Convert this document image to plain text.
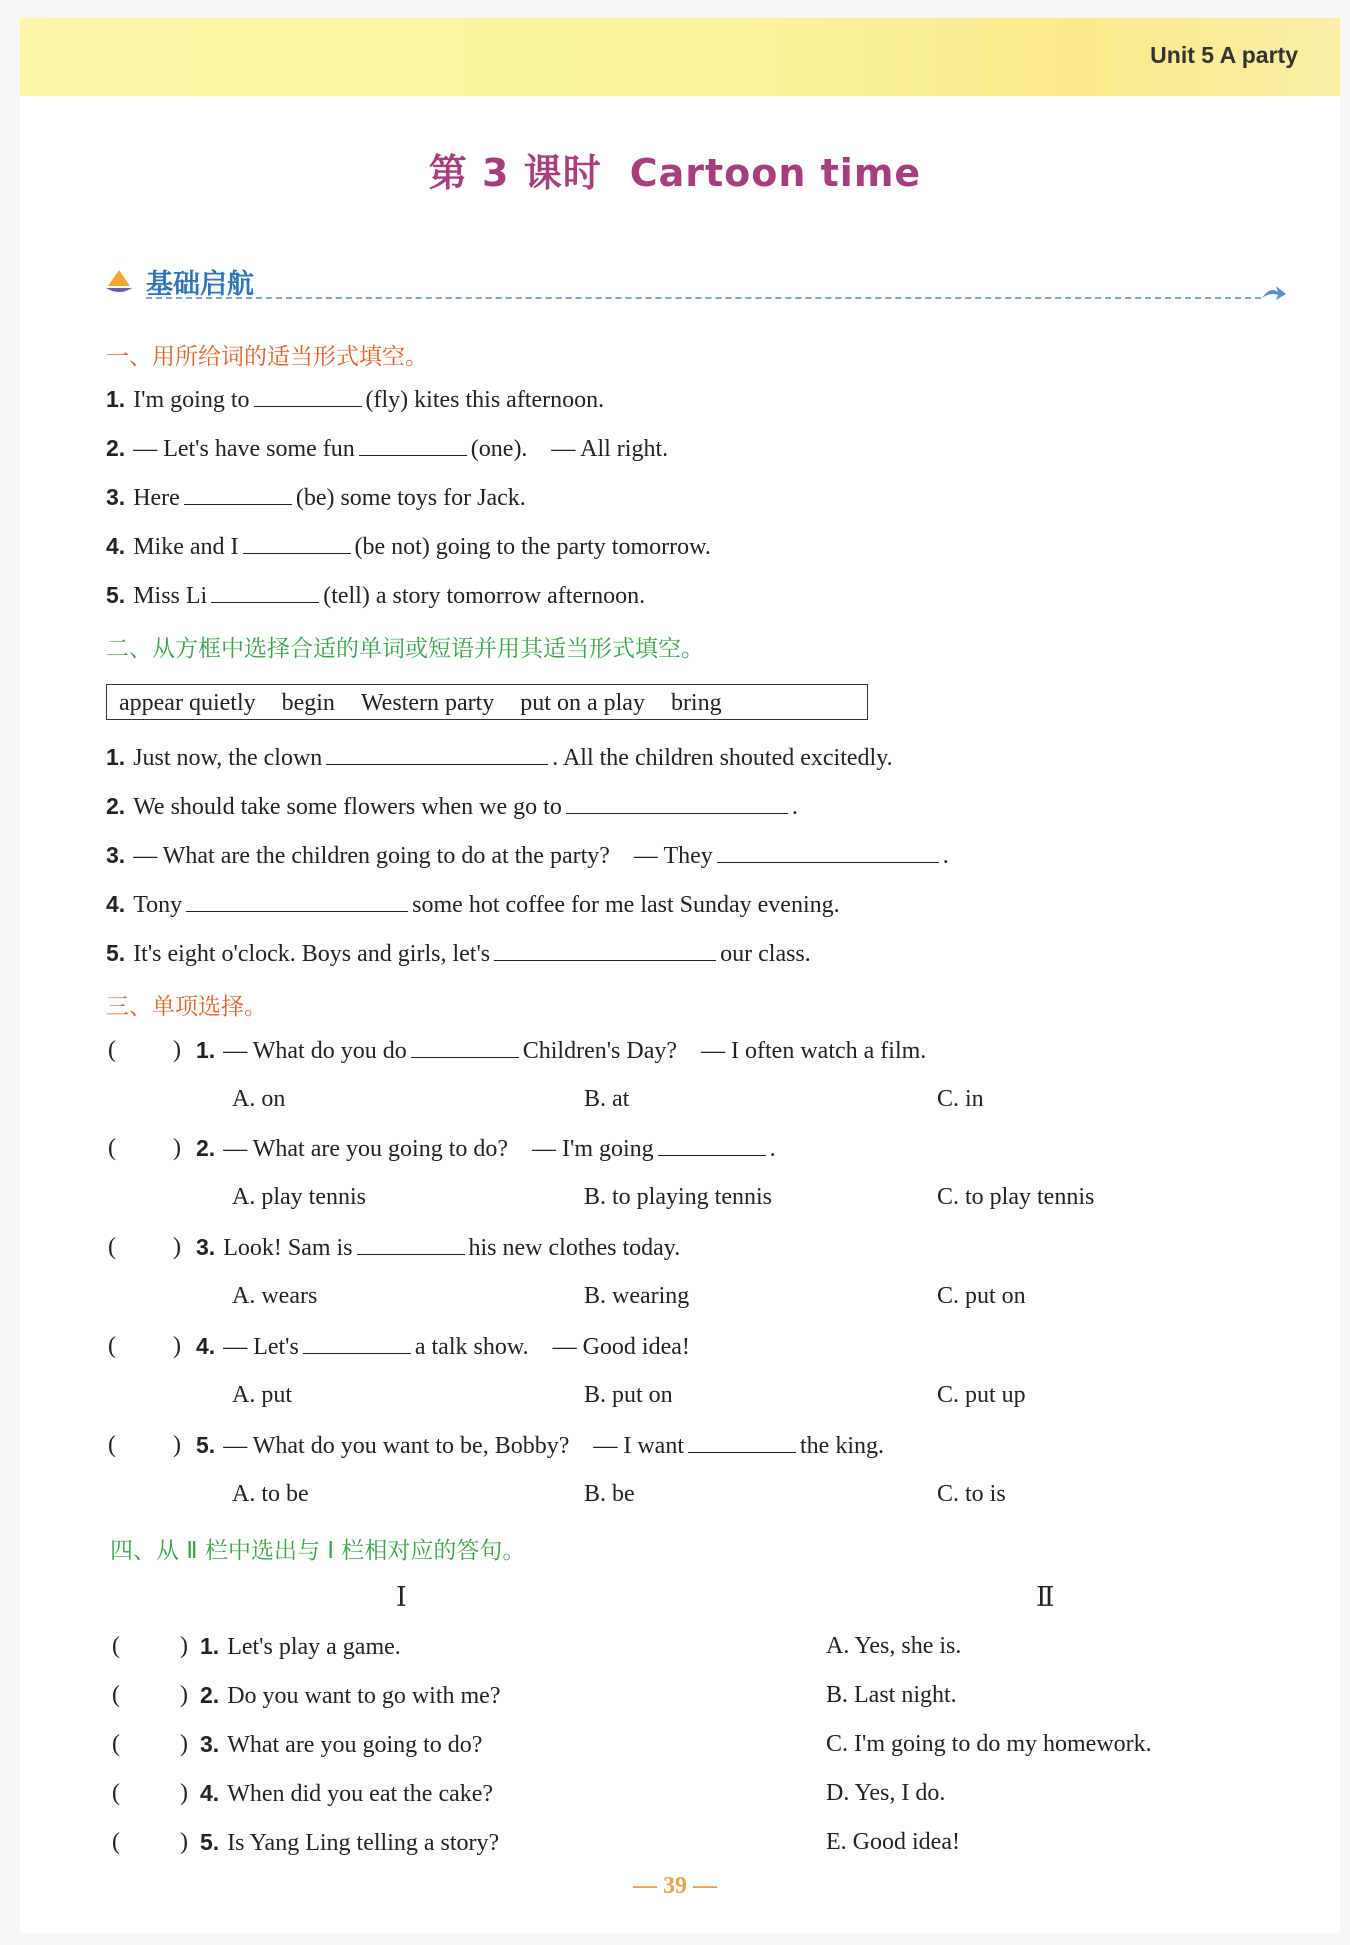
Unit 5 A party
第 3 课时 Cartoon time
基础启航
一、用所给词的适当形式填空。
1. I'm going to	(fly) kites this afternoon.
2. — Let's have some fun	(one).    — All right.
3. Here	(be) some toys for Jack.
4. Mike and I	(be not) going to the party tomorrow.
5. Miss Li	(tell) a story tomorrow afternoon.
二、从方框中选择合适的单词或短语并用其适当形式填空。
appear quietly begin Western party put on a play bring
1. Just now, the clown	. All the children shouted excitedly.
2. We should take some flowers when we go to	.
3. — What are the children going to do at the party?    — They	.
4. Tony	some hot coffee for me last Sunday evening.
5. It's eight o'clock. Boys and girls, let's	our class.
三、单项选择。
( ) 1. — What do you do	Children's Day?    — I often watch a film.
A. on	B. at	C. in
( ) 2. — What are you going to do?    — I'm going	.
A. play tennis	B. to playing tennis	C. to play tennis
( ) 3. Look! Sam is	his new clothes today.
A. wears	B. wearing	C. put on
( ) 4. — Let's	a talk show.    — Good idea!
A. put	B. put on	C. put up
( ) 5. — What do you want to be, Bobby?    — I want	the king.
A. to be	B. be	C. to is
四、从 Ⅱ 栏中选出与 Ⅰ 栏相对应的答句。
Ⅰ	Ⅱ
(	) 1. Let's play a game.	A. Yes, she is.
(	) 2. Do you want to go with me?	B. Last night.
(	) 3. What are you going to do?	C. I'm going to do my homework.
(	) 4. When did you eat the cake?	D. Yes, I do.
(	) 5. Is Yang Ling telling a story?	E. Good idea!
— 39 —
